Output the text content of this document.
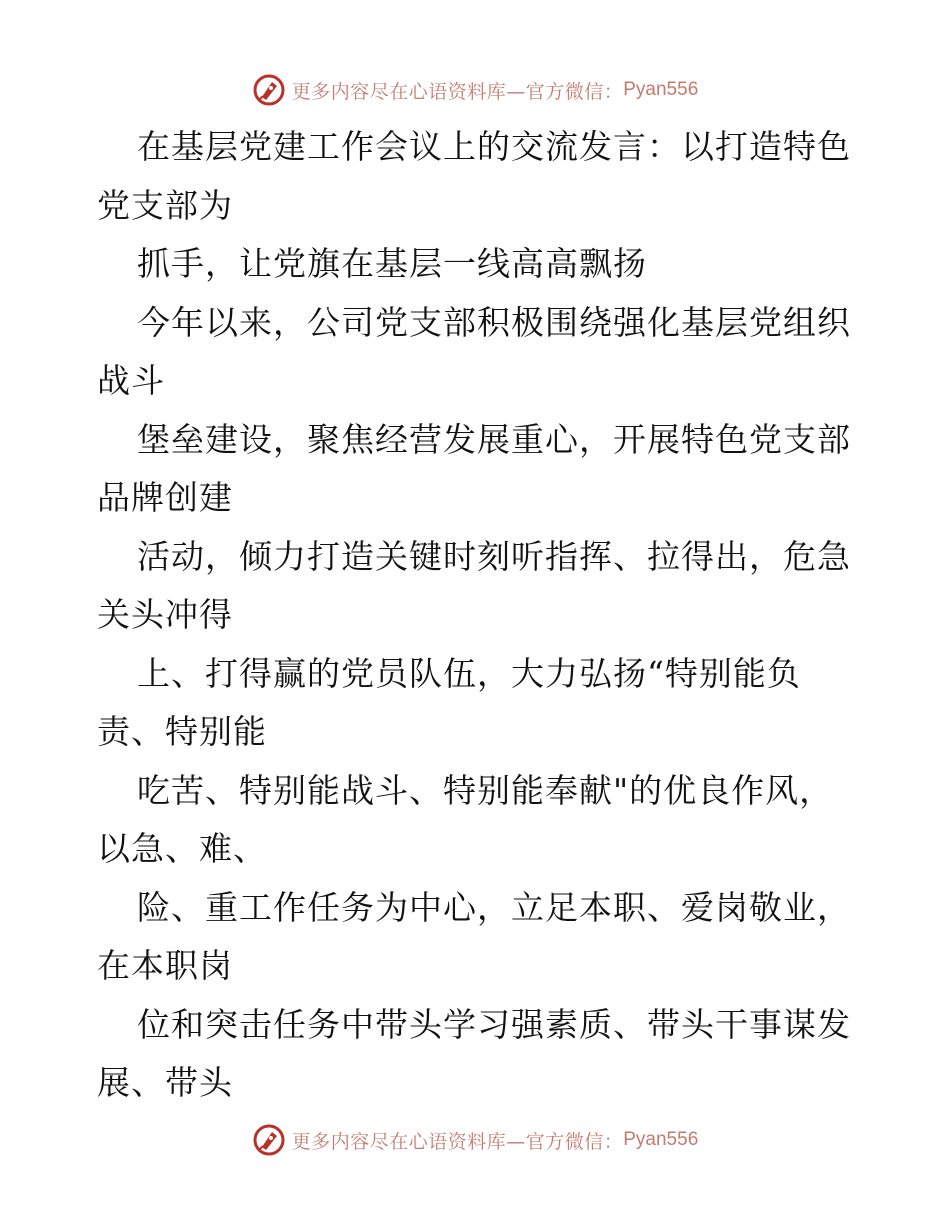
更多内容尽在心语资料库—官方微信： Pyan556
在基层党建工作会议上的交流发言：以打造特色
党支部为
抓手，让党旗在基层一线高高飘扬
今年以来，公司党支部积极围绕强化基层党组织
战斗
堡垒建设，聚焦经营发展重心，开展特色党支部
品牌创建
活动，倾力打造关键时刻听指挥、拉得出，危急
关头冲得
上、打得赢的党员队伍，大力弘扬“特别能负
责、特别能
吃苦、特别能战斗、特别能奉献"的优良作风，
以急、难、
险、重工作任务为中心，立足本职、爱岗敬业，
在本职岗
位和突击任务中带头学习强素质、带头干事谋发
展、带头
更多内容尽在心语资料库—官方微信： Pyan556
